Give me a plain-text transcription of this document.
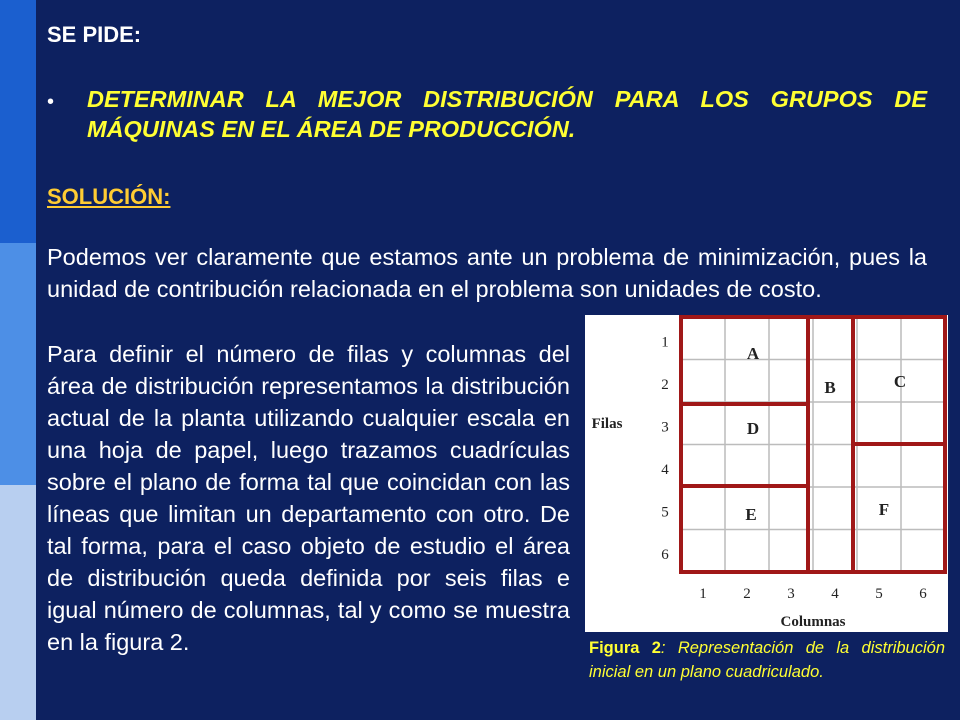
SE PIDE:
• DETERMINAR LA MEJOR DISTRIBUCIÓN PARA LOS GRUPOS DE MÁQUINAS EN EL ÁREA DE PRODUCCIÓN.
SOLUCIÓN:
Podemos ver claramente que estamos ante un problema de minimización, pues la unidad de contribución relacionada en el problema son unidades de costo.
Para definir el número de filas y columnas del área de distribución representamos la distribución actual de la planta utilizando cualquier escala en una hoja de papel, luego trazamos cuadrículas sobre el plano de forma tal que coincidan con las líneas que limitan un departamento con otro. De tal forma, para el caso objeto de estudio el área de distribución queda definida por seis filas e igual número de columnas, tal y como se muestra en la figura 2.
A
B	C
D
E	F
Filas
Columnas
1
2
3
4
5
6
1 2 3 4 5 6
Figura 2: Representación de la distribución inicial en un plano cuadriculado.
